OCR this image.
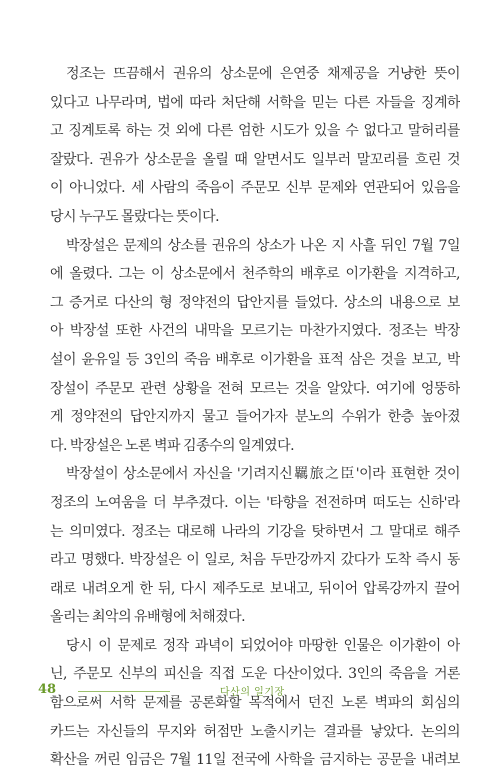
정조는 뜨끔해서 권유의 상소문에 은연중 채제공을 거냥한 뜻이
있다고 나무라며, 법에 따라 처단해 서학을 믿는 다른 자들을 징계하
고 징계토록 하는 것 외에 다른 엄한 시도가 있을 수 없다고 말허리를
잘랐다. 권유가 상소문을 올릴 때 알면서도 일부러 말꼬리를 흐린 것
이 아니었다. 세 사람의 죽음이 주문모 신부 문제와 연관되어 있음을
당시 누구도 몰랐다는 뜻이다.

박장설은 문제의 상소를 권유의 상소가 나온 지 사흘 뒤인 7월 7일
에 올렸다. 그는 이 상소문에서 천주학의 배후로 이가환을 지격하고,
그 증거로 다산의 형 정약전의 답안지를 들었다. 상소의 내용으로 보
아 박장설 또한 사건의 내막을 모르기는 마찬가지였다. 정조는 박장
설이 윤유일 등 3인의 죽음 배후로 이가환을 표적 삼은 것을 보고, 박
장설이 주문모 관련 상황을 전혀 모르는 것을 알았다. 여기에 엉뚱하
게 정약전의 답안지까지 물고 들어가자 분노의 수위가 한층 높아졌
다. 박장설은 노론 벽파 김종수의 일계였다.

박장설이 상소문에서 자신을 '기려지신羈旅之臣'이라 표현한 것이
정조의 노여움을 더 부추겼다. 이는 '타향을 전전하며 떠도는 신하'라
는 의미였다. 정조는 대로해 나라의 기강을 탓하면서 그 말대로 해주
라고 명했다. 박장설은 이 일로, 처음 두만강까지 갔다가 도착 즉시 동
래로 내려오게 한 뒤, 다시 제주도로 보내고, 뒤이어 압록강까지 끌어
올리는 최악의 유배형에 처해졌다.

당시 이 문제로 정작 과녁이 되었어야 마땅한 인물은 이가환이 아
닌, 주문모 신부의 피신을 직접 도운 다산이었다. 3인의 죽음을 거론
함으로써 서학 문제를 공론화할 목적에서 던진 노론 벽파의 회심의
카드는 자신들의 무지와 허점만 노출시키는 결과를 낳았다. 논의의
확산을 꺼린 임금은 7월 11일 전국에 사학을 금지하는 공문을 내려보

48	다산의 일기장
